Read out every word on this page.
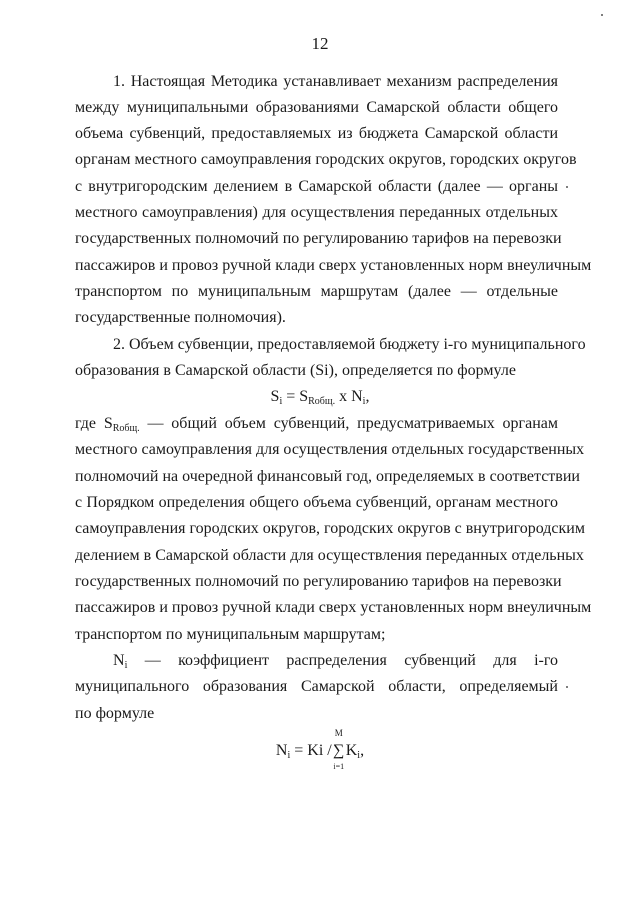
12
1. Настоящая Методика устанавливает механизм распределения
между муниципальными образованиями Самарской области общего
объема субвенций, предоставляемых из бюджета Самарской области
органам местного самоуправления городских округов, городских округов
с внутригородским делением в Самарской области (далее — органы
местного самоуправления) для осуществления переданных отдельных
государственных полномочий по регулированию тарифов на перевозки
пассажиров и провоз ручной клади сверх установленных норм внеуличным
транспортом по муниципальным маршрутам (далее — отдельные
государственные полномочия).
2. Объем субвенции, предоставляемой бюджету i-го муниципального
образования в Самарской области (Si), определяется по формуле
$S_i = S_{Rобщ.}$ x $N_i$,
где $S_{Rобщ.}$ — общий объем субвенций, предусматриваемых органам
местного самоуправления для осуществления отдельных государственных
полномочий на очередной финансовый год, определяемых в соответствии
с Порядком определения общего объема субвенций, органам местного
самоуправления городских округов, городских округов с внутригородским
делением в Самарской области для осуществления переданных отдельных
государственных полномочий по регулированию тарифов на перевозки
пассажиров и провоз ручной клади сверх установленных норм внеуличным
транспортом по муниципальным маршрутам;
$N_i$ — коэффициент распределения субвенций для i-го
муниципального образования Самарской области, определяемый
по формуле
$N_i = Ki$ /
M
∑
i=1
$K_i$,
